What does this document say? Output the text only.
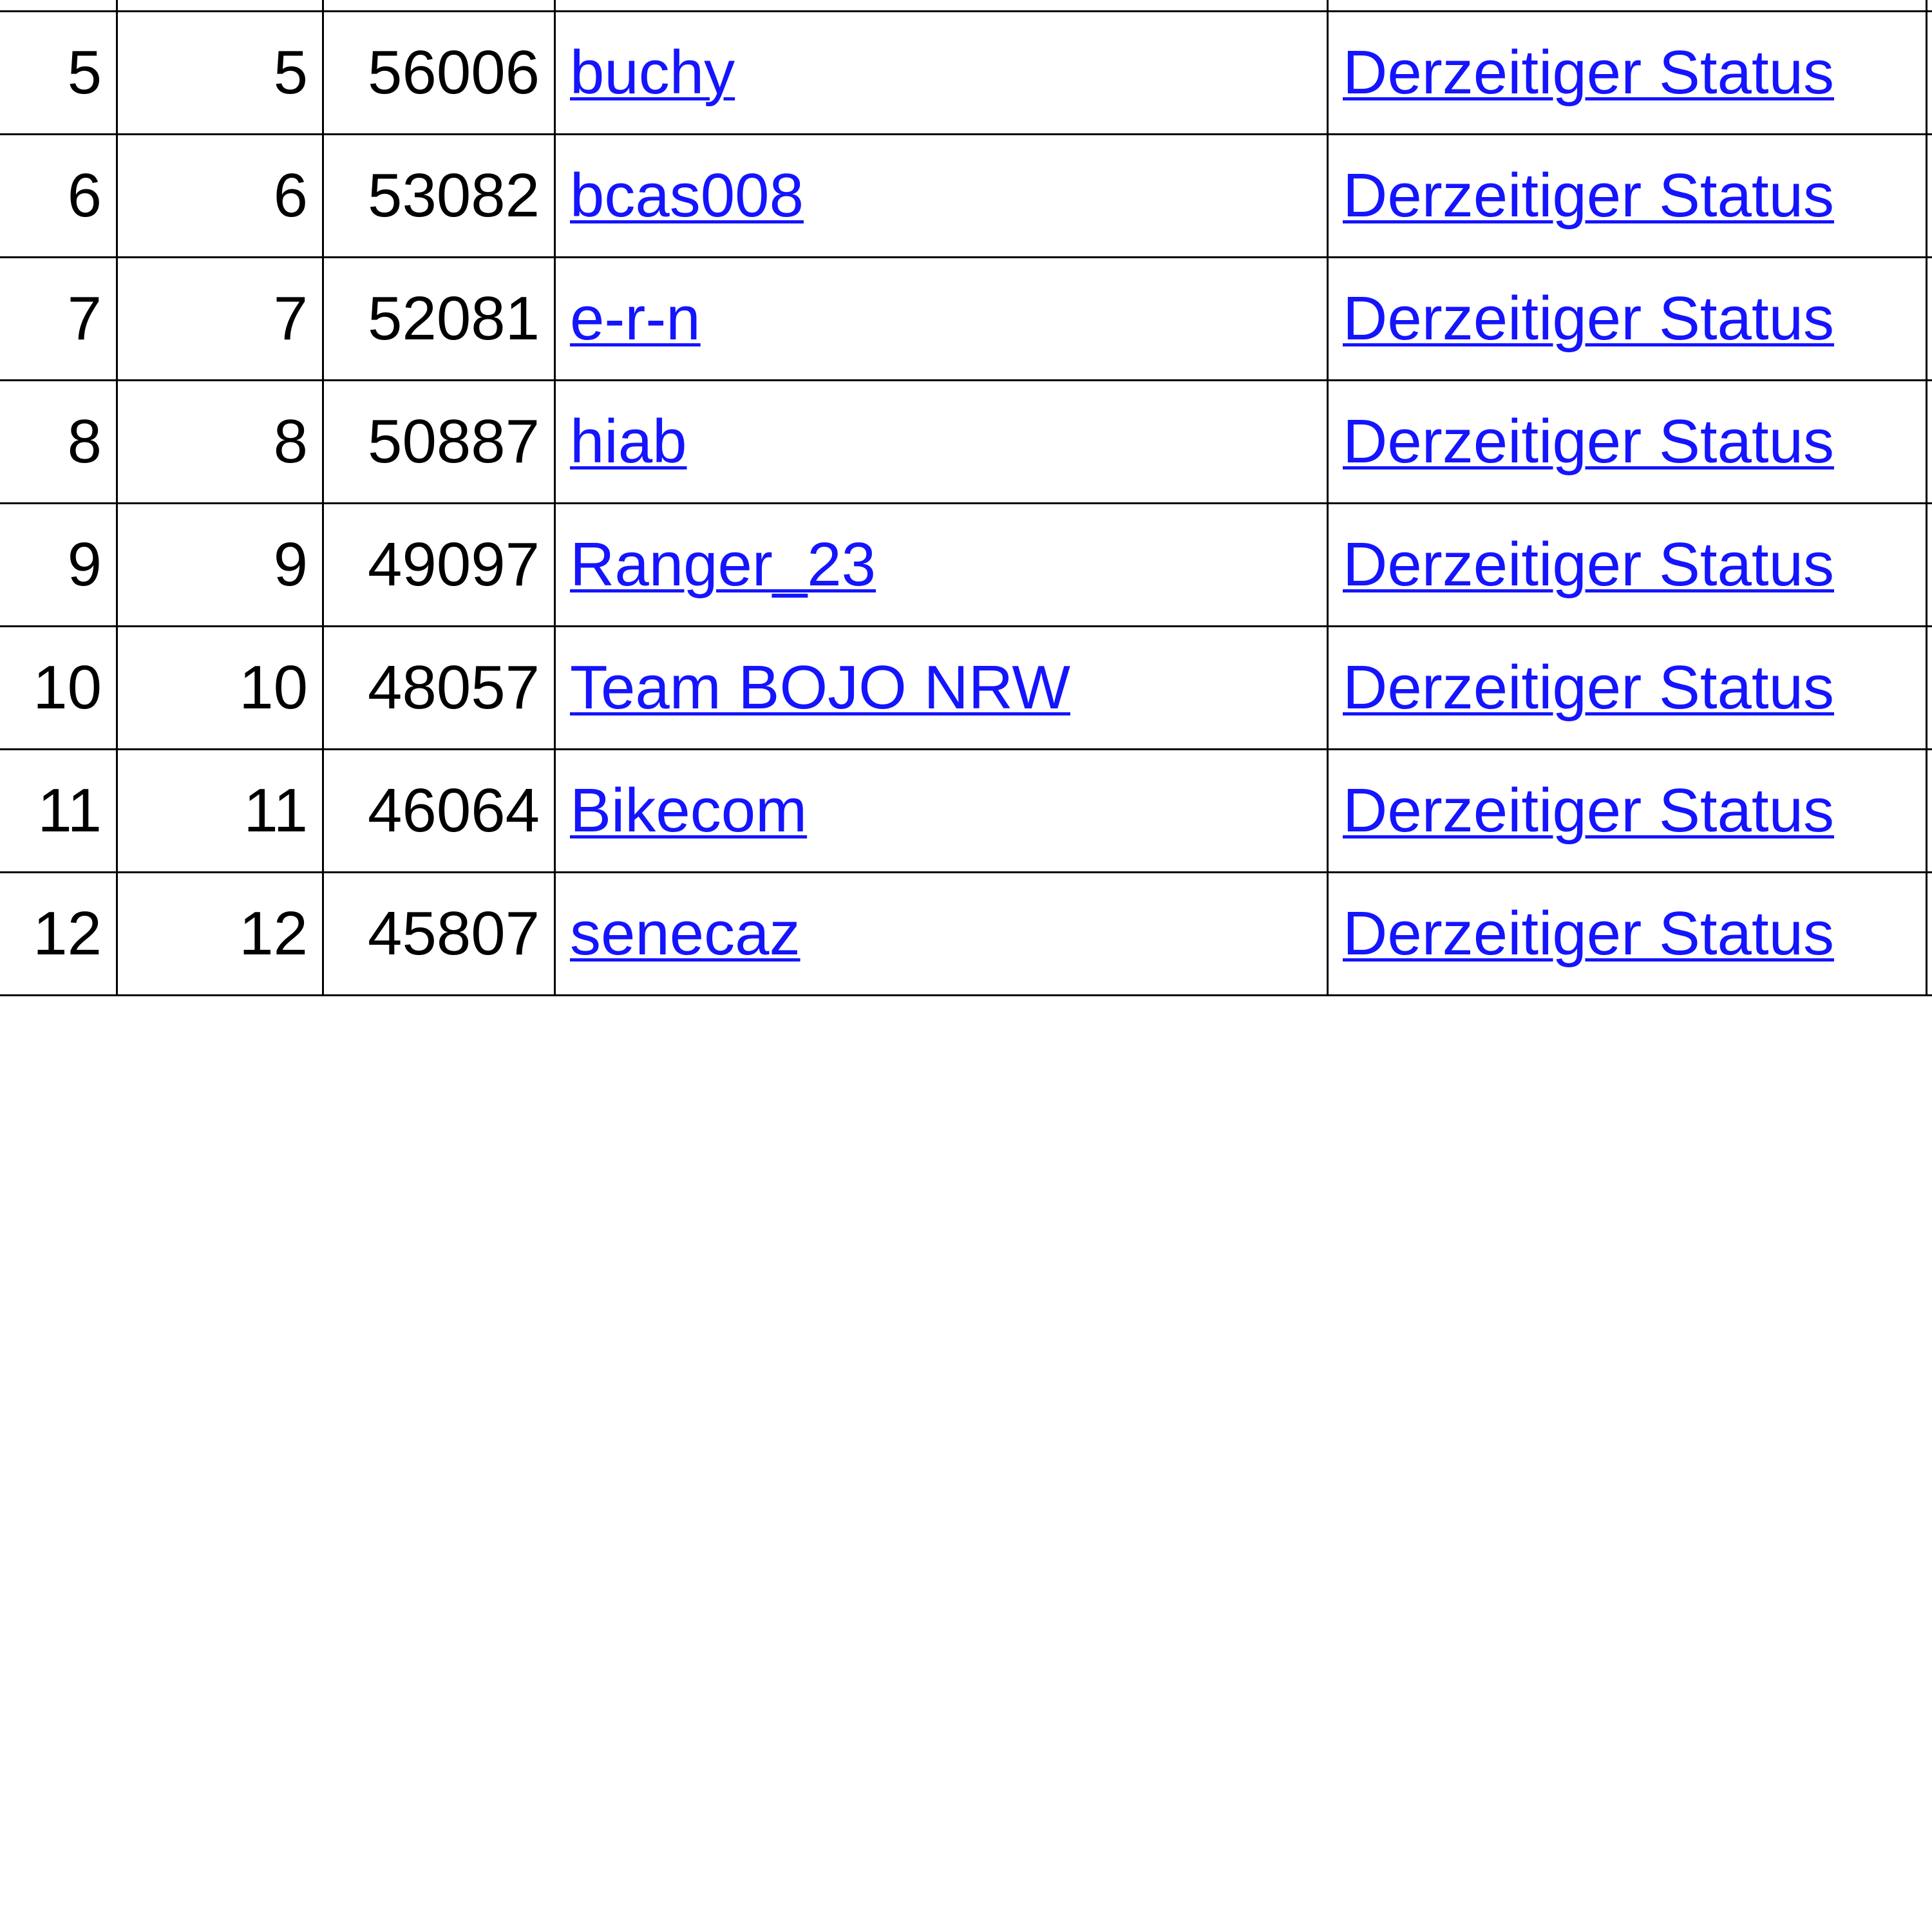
5	5	56006	buchy	Derzeitiger Status	
6	6	53082	bcas008	Derzeitiger Status	
7	7	52081	e-r-n	Derzeitiger Status	
8	8	50887	hiab	Derzeitiger Status	
9	9	49097	Ranger_23	Derzeitiger Status	
10	10	48057	Team BOJO NRW	Derzeitiger Status	
11	11	46064	Bikecom	Derzeitiger Status	
12	12	45807	senecaz	Derzeitiger Status	
